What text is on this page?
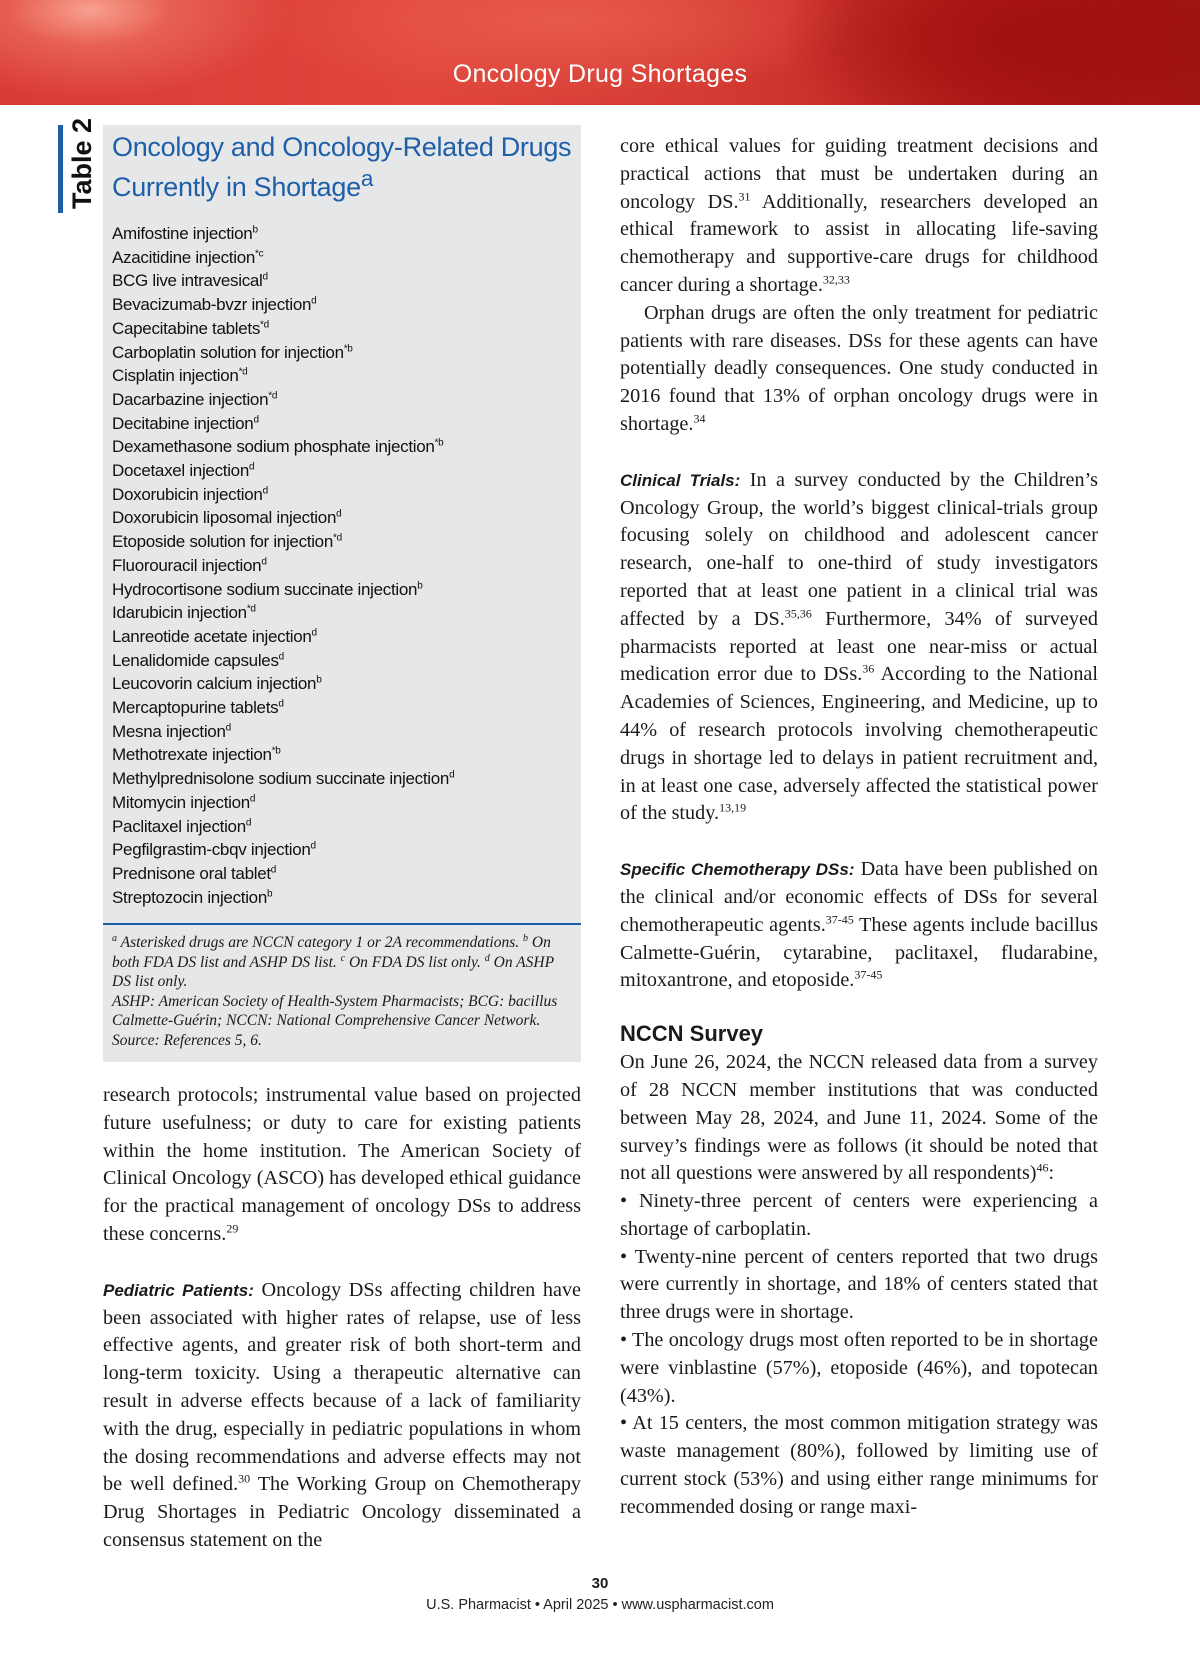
Oncology Drug Shortages
Table 2 Oncology and Oncology-Related Drugs Currently in Shortage$^a$
Amifostine injection$^b$
Azacitidine injection$^{*c}$
BCG live intravesical$^d$
Bevacizumab-bvzr injection$^d$
Capecitabine tablets$^{*d}$
Carboplatin solution for injection$^{*b}$
Cisplatin injection$^{*d}$
Dacarbazine injection$^{*d}$
Decitabine injection$^d$
Dexamethasone sodium phosphate injection$^{*b}$
Docetaxel injection$^d$
Doxorubicin injection$^d$
Doxorubicin liposomal injection$^d$
Etoposide solution for injection$^{*d}$
Fluorouracil injection$^d$
Hydrocortisone sodium succinate injection$^b$
Idarubicin injection$^{*d}$
Lanreotide acetate injection$^d$
Lenalidomide capsules$^d$
Leucovorin calcium injection$^b$
Mercaptopurine tablets$^d$
Mesna injection$^d$
Methotrexate injection$^{*b}$
Methylprednisolone sodium succinate injection$^d$
Mitomycin injection$^d$
Paclitaxel injection$^d$
Pegfilgrastim-cbqv injection$^d$
Prednisone oral tablet$^d$
Streptozocin injection$^b$
$^a$ Asterisked drugs are NCCN category 1 or 2A recommendations. $^b$ On both FDA DS list and ASHP DS list. $^c$ On FDA DS list only. $^d$ On ASHP DS list only.
ASHP: American Society of Health-System Pharmacists; BCG: bacillus Calmette-Guérin; NCCN: National Comprehensive Cancer Network. Source: References 5, 6.

research protocols; instrumental value based on projected future usefulness; or duty to care for existing patients within the home institution. The American Society of Clinical Oncology (ASCO) has developed ethical guidance for the practical management of oncology DSs to address these concerns.$^{29}$

Pediatric Patients: Oncology DSs affecting children have been associated with higher rates of relapse, use of less effective agents, and greater risk of both short-term and long-term toxicity. Using a therapeutic alternative can result in adverse effects because of a lack of familiarity with the drug, especially in pediatric populations in whom the dosing recommendations and adverse effects may not be well defined.$^{30}$ The Working Group on Chemotherapy Drug Shortages in Pediatric Oncology disseminated a consensus statement on the

core ethical values for guiding treatment decisions and practical actions that must be undertaken during an oncology DS.$^{31}$ Additionally, researchers developed an ethical framework to assist in allocating life-saving chemotherapy and supportive-care drugs for childhood cancer during a shortage.$^{32,33}$

Orphan drugs are often the only treatment for pediatric patients with rare diseases. DSs for these agents can have potentially deadly consequences. One study conducted in 2016 found that 13% of orphan oncology drugs were in shortage.$^{34}$

Clinical Trials: In a survey conducted by the Children’s Oncology Group, the world’s biggest clinical-trials group focusing solely on childhood and adolescent cancer research, one-half to one-third of study investigators reported that at least one patient in a clinical trial was affected by a DS.$^{35,36}$ Furthermore, 34% of surveyed pharmacists reported at least one near-miss or actual medication error due to DSs.$^{36}$ According to the National Academies of Sciences, Engineering, and Medicine, up to 44% of research protocols involving chemotherapeutic drugs in shortage led to delays in patient recruitment and, in at least one case, adversely affected the statistical power of the study.$^{13,19}$

Specific Chemotherapy DSs: Data have been published on the clinical and/or economic effects of DSs for several chemotherapeutic agents.$^{37-45}$ These agents include bacillus Calmette-Guérin, cytarabine, paclitaxel, fludarabine, mitoxantrone, and etoposide.$^{37-45}$

NCCN Survey

On June 26, 2024, the NCCN released data from a survey of 28 NCCN member institutions that was conducted between May 28, 2024, and June 11, 2024. Some of the survey’s findings were as follows (it should be noted that not all questions were answered by all respondents)$^{46}$:

• Ninety-three percent of centers were experiencing a shortage of carboplatin.

• Twenty-nine percent of centers reported that two drugs were currently in shortage, and 18% of centers stated that three drugs were in shortage.

• The oncology drugs most often reported to be in shortage were vinblastine (57%), etoposide (46%), and topotecan (43%).

• At 15 centers, the most common mitigation strategy was waste management (80%), followed by limiting use of current stock (53%) and using either range minimums for recommended dosing or range maxi-

30
U.S. Pharmacist • April 2025 • www.uspharmacist.com
